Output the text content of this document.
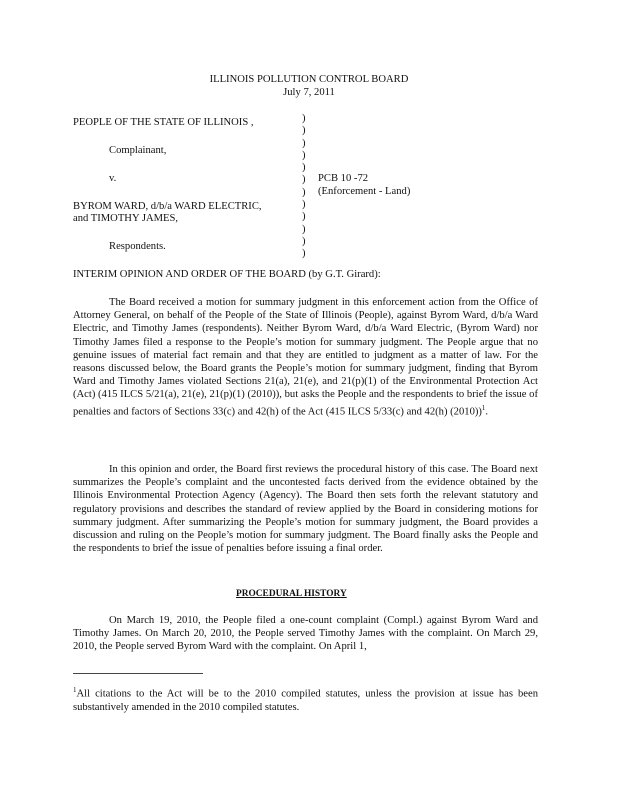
ILLINOIS POLLUTION CONTROL BOARD
July 7, 2011
PEOPLE OF THE STATE OF ILLINOIS ,
Complainant,
v.
BYROM WARD, d/b/a WARD ELECTRIC,
and TIMOTHY JAMES,
Respondents.
)
)
)
)
)
)
)
)
)
)
)
)
PCB 10 -72
(Enforcement - Land)
INTERIM OPINION AND ORDER OF THE BOARD (by G.T. Girard):
The Board received a motion for summary judgment in this enforcement action from the Office of Attorney General, on behalf of the People of the State of Illinois (People), against Byrom Ward, d/b/a Ward Electric, and Timothy James (respondents). Neither Byrom Ward, d/b/a Ward Electric, (Byrom Ward) nor Timothy James filed a response to the People’s motion for summary judgment. The People argue that no genuine issues of material fact remain and that they are entitled to judgment as a matter of law. For the reasons discussed below, the Board grants the People’s motion for summary judgment, finding that Byrom Ward and Timothy James violated Sections 21(a), 21(e), and 21(p)(1) of the Environmental Protection Act (Act) (415 ILCS 5/21(a), 21(e), 21(p)(1) (2010)), but asks the People and the respondents to brief the issue of penalties and factors of Sections 33(c) and 42(h) of the Act (415 ILCS 5/33(c) and 42(h) (2010))$^1$.
In this opinion and order, the Board first reviews the procedural history of this case. The Board next summarizes the People’s complaint and the uncontested facts derived from the evidence obtained by the Illinois Environmental Protection Agency (Agency). The Board then sets forth the relevant statutory and regulatory provisions and describes the standard of review applied by the Board in considering motions for summary judgment. After summarizing the People’s motion for summary judgment, the Board provides a discussion and ruling on the People’s motion for summary judgment. The Board finally asks the People and the respondents to brief the issue of penalties before issuing a final order.
PROCEDURAL HISTORY
On March 19, 2010, the People filed a one-count complaint (Compl.) against Byrom Ward and Timothy James. On March 20, 2010, the People served Timothy James with the complaint. On March 29, 2010, the People served Byrom Ward with the complaint. On April 1,
$^1$All citations to the Act will be to the 2010 compiled statutes, unless the provision at issue has been substantively amended in the 2010 compiled statutes.
